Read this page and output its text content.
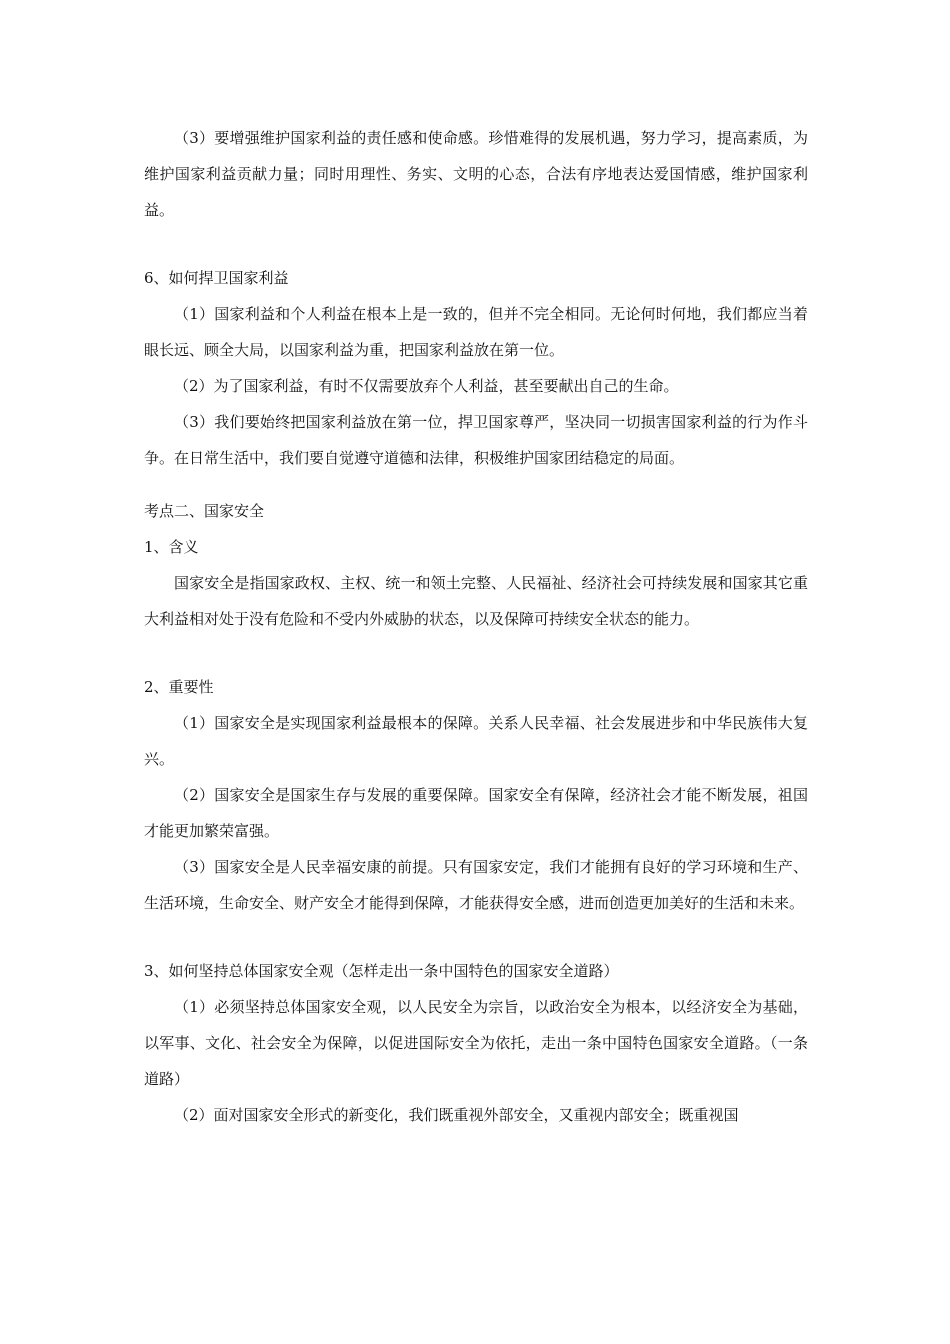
（3）要增强维护国家利益的责任感和使命感。珍惜难得的发展机遇，努力学习，提高素质，为维护国家利益贡献力量；同时用理性、务实、文明的心态，合法有序地表达爱国情感，维护国家利益。

6、如何捍卫国家利益

（1）国家利益和个人利益在根本上是一致的，但并不完全相同。无论何时何地，我们都应当着眼长远、顾全大局，以国家利益为重，把国家利益放在第一位。

（2）为了国家利益，有时不仅需要放弃个人利益，甚至要献出自己的生命。

（3）我们要始终把国家利益放在第一位，捍卫国家尊严，坚决同一切损害国家利益的行为作斗争。在日常生活中，我们要自觉遵守道德和法律，积极维护国家团结稳定的局面。

考点二、国家安全

1、含义

国家安全是指国家政权、主权、统一和领土完整、人民福祉、经济社会可持续发展和国家其它重大利益相对处于没有危险和不受内外威胁的状态，以及保障可持续安全状态的能力。

2、重要性

（1）国家安全是实现国家利益最根本的保障。关系人民幸福、社会发展进步和中华民族伟大复兴。

（2）国家安全是国家生存与发展的重要保障。国家安全有保障，经济社会才能不断发展，祖国才能更加繁荣富强。

（3）国家安全是人民幸福安康的前提。只有国家安定，我们才能拥有良好的学习环境和生产、生活环境，生命安全、财产安全才能得到保障，才能获得安全感，进而创造更加美好的生活和未来。

3、如何坚持总体国家安全观（怎样走出一条中国特色的国家安全道路）

（1）必须坚持总体国家安全观，以人民安全为宗旨，以政治安全为根本，以经济安全为基础，以军事、文化、社会安全为保障，以促进国际安全为依托，走出一条中国特色国家安全道路。（一条道路）

（2）面对国家安全形式的新变化，我们既重视外部安全，又重视内部安全；既重视国
